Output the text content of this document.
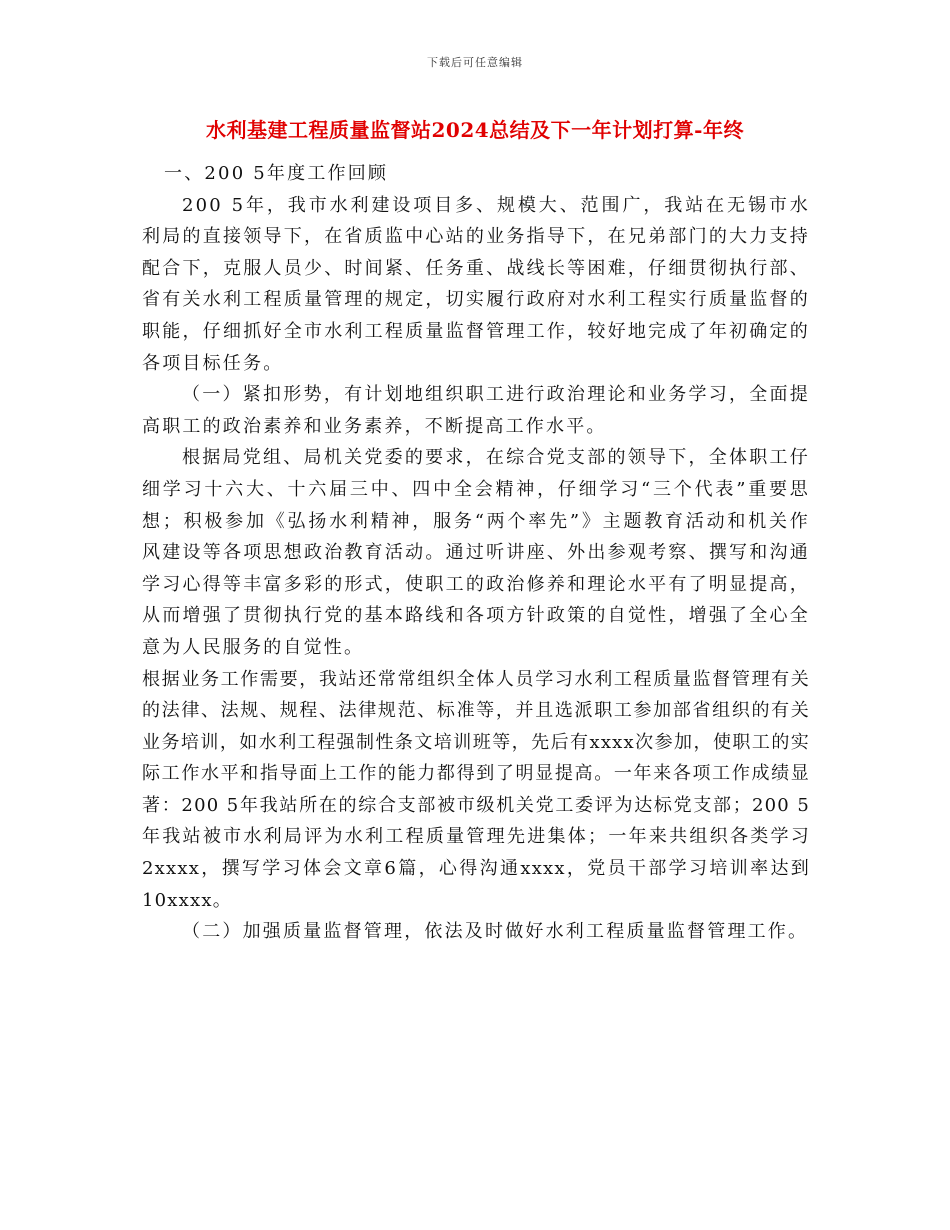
下载后可任意编辑
水利基建工程质量监督站2024总结及下一年计划打算-年终

一、200 5年度工作回顾

200 5年，我市水利建设项目多、规模大、范围广，我站在无锡市水利局的直接领导下，在省质监中心站的业务指导下，在兄弟部门的大力支持配合下，克服人员少、时间紧、任务重、战线长等困难，仔细贯彻执行部、省有关水利工程质量管理的规定，切实履行政府对水利工程实行质量监督的职能，仔细抓好全市水利工程质量监督管理工作，较好地完成了年初确定的各项目标任务。

（一）紧扣形势，有计划地组织职工进行政治理论和业务学习，全面提高职工的政治素养和业务素养，不断提高工作水平。

根据局党组、局机关党委的要求，在综合党支部的领导下，全体职工仔细学习十六大、十六届三中、四中全会精神，仔细学习“三个代表”重要思想；积极参加《弘扬水利精神，服务“两个率先”》主题教育活动和机关作风建设等各项思想政治教育活动。通过听讲座、外出参观考察、撰写和沟通学习心得等丰富多彩的形式，使职工的政治修养和理论水平有了明显提高，从而增强了贯彻执行党的基本路线和各项方针政策的自觉性，增强了全心全意为人民服务的自觉性。

根据业务工作需要，我站还常常组织全体人员学习水利工程质量监督管理有关的法律、法规、规程、法律规范、标准等，并且选派职工参加部省组织的有关业务培训，如水利工程强制性条文培训班等，先后有xxxx次参加，使职工的实际工作水平和指导面上工作的能力都得到了明显提高。一年来各项工作成绩显著：200 5年我站所在的综合支部被市级机关党工委评为达标党支部；200 5年我站被市水利局评为水利工程质量管理先进集体；一年来共组织各类学习2xxxx，撰写学习体会文章6篇，心得沟通xxxx，党员干部学习培训率达到10xxxx。

（二）加强质量监督管理，依法及时做好水利工程质量监督管理工作。
